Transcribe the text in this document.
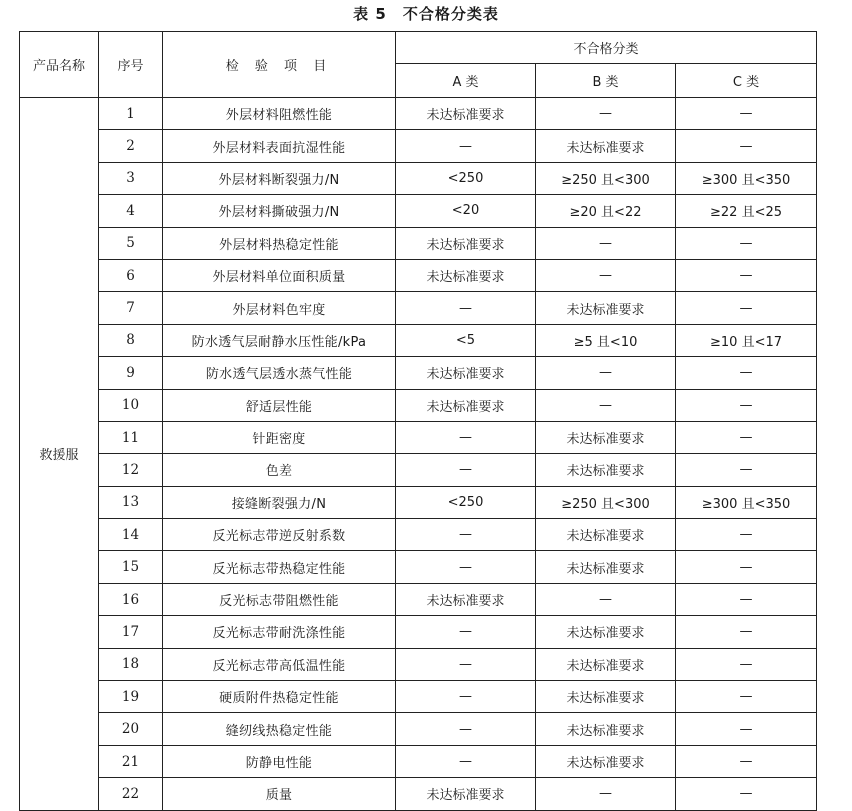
表 5　不合格分类表
产品名称	序号	检 验 项 目	不合格分类		
			A 类	B 类	C 类
救援服	1	外层材料阻燃性能	未达标准要求	—	—
	2	外层材料表面抗湿性能	—	未达标准要求	—
	3	外层材料断裂强力/N	<250	≥250 且<300	≥300 且<350
	4	外层材料撕破强力/N	<20	≥20 且<22	≥22 且<25
	5	外层材料热稳定性能	未达标准要求	—	—
	6	外层材料单位面积质量	未达标准要求	—	—
	7	外层材料色牢度	—	未达标准要求	—
	8	防水透气层耐静水压性能/kPa	<5	≥5 且<10	≥10 且<17
	9	防水透气层透水蒸气性能	未达标准要求	—	—
	10	舒适层性能	未达标准要求	—	—
	11	针距密度	—	未达标准要求	—
	12	色差	—	未达标准要求	—
	13	接缝断裂强力/N	<250	≥250 且<300	≥300 且<350
	14	反光标志带逆反射系数	—	未达标准要求	—
	15	反光标志带热稳定性能	—	未达标准要求	—
	16	反光标志带阻燃性能	未达标准要求	—	—
	17	反光标志带耐洗涤性能	—	未达标准要求	—
	18	反光标志带高低温性能	—	未达标准要求	—
	19	硬质附件热稳定性能	—	未达标准要求	—
	20	缝纫线热稳定性能	—	未达标准要求	—
	21	防静电性能	—	未达标准要求	—
	22	质量	未达标准要求	—	—
